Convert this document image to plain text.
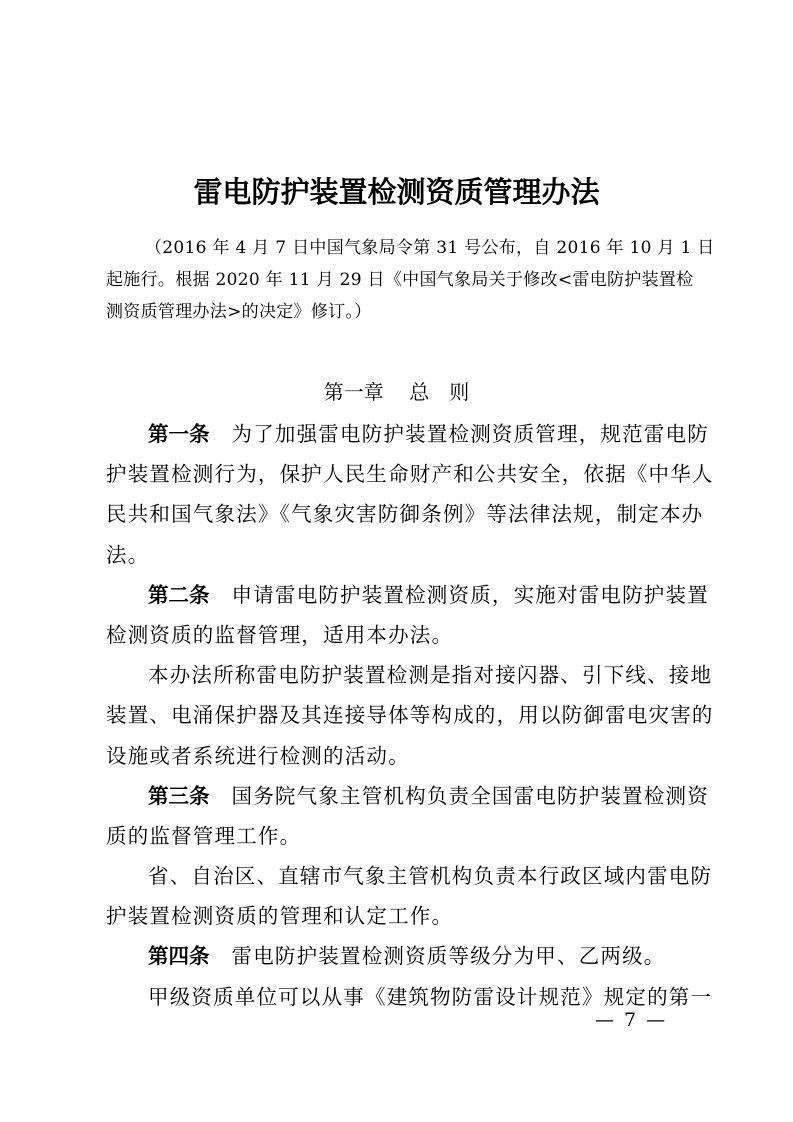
雷电防护装置检测资质管理办法
（2016 年 4 月 7 日中国气象局令第 31 号公布，自 2016 年 10 月 1 日
起施行。根据 2020 年 11 月 29 日《中国气象局关于修改<雷电防护装置检
测资质管理办法>的决定》修订。）
第一章 总　则
第一条 为了加强雷电防护装置检测资质管理，规范雷电防
护装置检测行为，保护人民生命财产和公共安全，依据《中华人
民共和国气象法》《气象灾害防御条例》等法律法规，制定本办
法。
第二条 申请雷电防护装置检测资质，实施对雷电防护装置
检测资质的监督管理，适用本办法。
本办法所称雷电防护装置检测是指对接闪器、引下线、接地
装置、电涌保护器及其连接导体等构成的，用以防御雷电灾害的
设施或者系统进行检测的活动。
第三条 国务院气象主管机构负责全国雷电防护装置检测资
质的监督管理工作。
省、自治区、直辖市气象主管机构负责本行政区域内雷电防
护装置检测资质的管理和认定工作。
第四条 雷电防护装置检测资质等级分为甲、乙两级。
甲级资质单位可以从事《建筑物防雷设计规范》规定的第一
— 7 —
